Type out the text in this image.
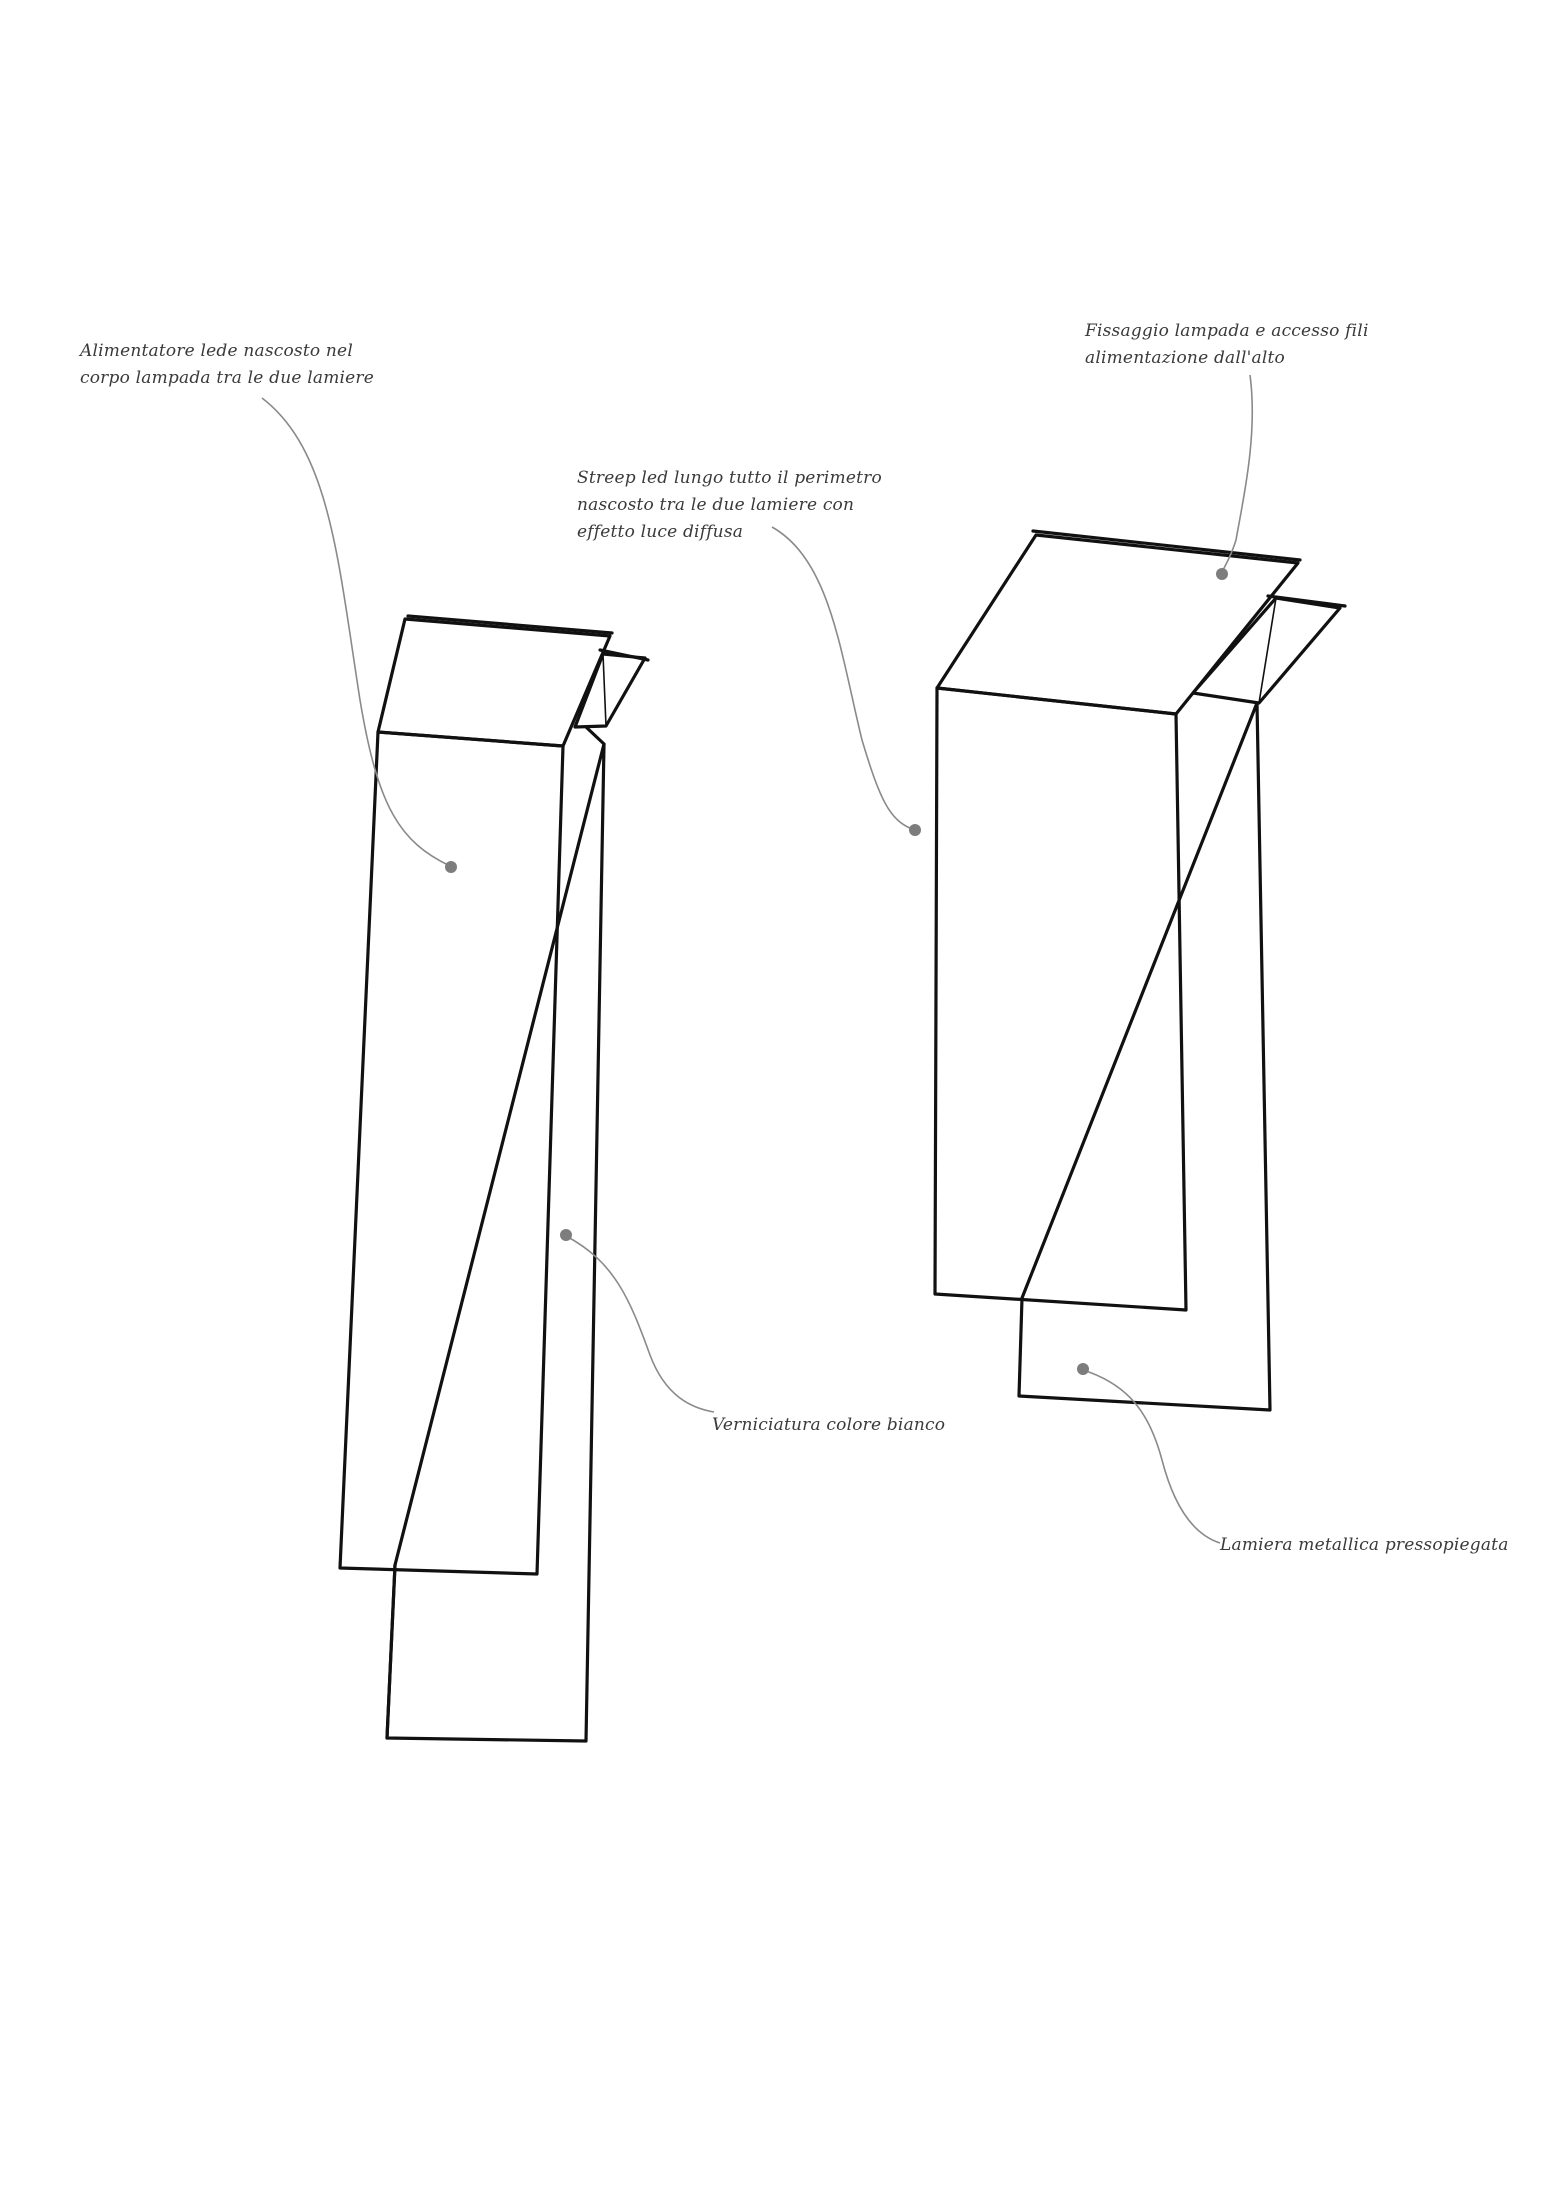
Alimentatore lede nascosto nel
corpo lampada tra le due lamiere
Fissaggio lampada e accesso fili
alimentazione dall'alto
Streep led lungo tutto il perimetro
nascosto tra le due lamiere con
effetto luce diffusa
Verniciatura colore bianco
Lamiera metallica pressopiegata
